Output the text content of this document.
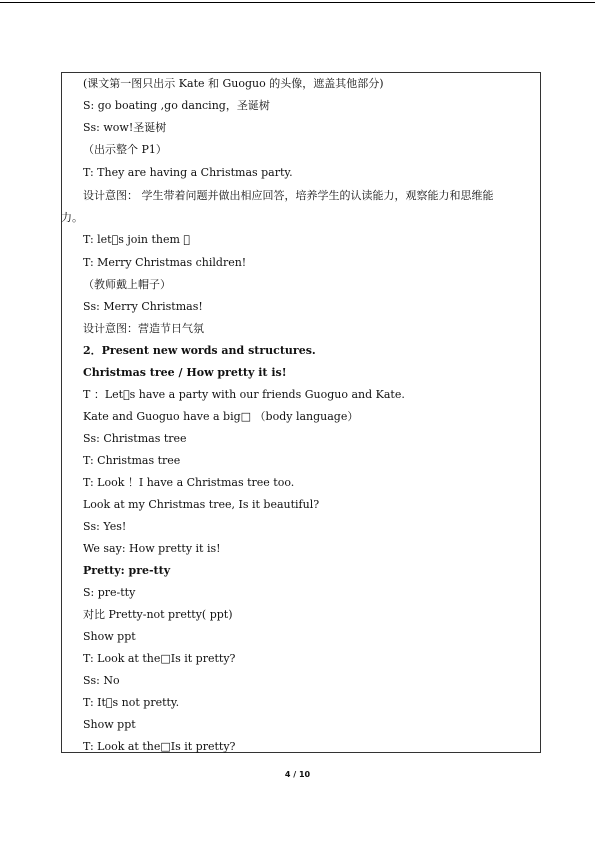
(课文第一图只出示 Kate 和 Guoguo 的头像，遮盖其他部分)
S: go boating ,go dancing，圣诞树
Ss: wow!圣诞树
（出示整个 P1）
T: They are having a Christmas party.
设计意图： 学生带着问题并做出相应回答，培养学生的认读能力，观察能力和思维能
力。
T: let s join them ！
T: Merry Christmas children!
（教师戴上帽子）
Ss: Merry Christmas!
设计意图：营造节日气氛
2．Present new words and structures.
Christmas tree / How pretty it is!
T ：Let s have a party with our friends Guoguo and Kate.
Kate and Guoguo have a big□ （body language）
Ss: Christmas tree
T: Christmas tree
T: Look ！I have a Christmas tree too.
Look at my Christmas tree, Is it beautiful?
Ss: Yes!
We say: How pretty it is!
Pretty: pre-tty
S: pre-tty
对比 Pretty-not pretty( ppt)
Show ppt
T: Look at the□Is it pretty?
Ss: No
T: It s not pretty.
Show ppt
T: Look at the□Is it pretty?
4 / 10
